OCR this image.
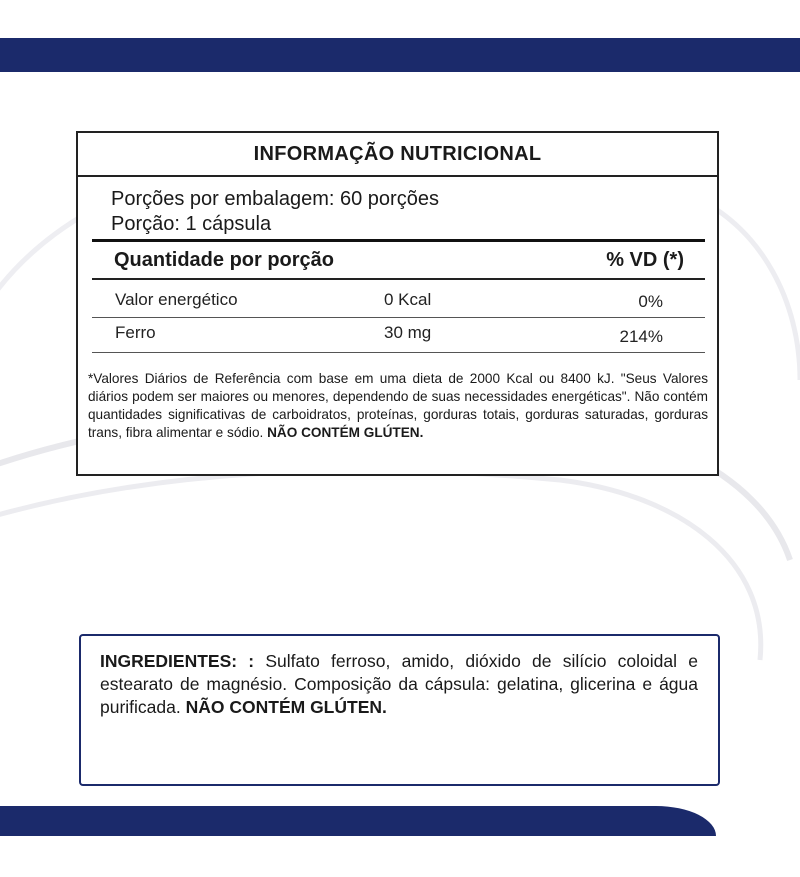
INFORMAÇÃO NUTRICIONAL
Porções por embalagem: 60 porções
Porção: 1 cápsula
Quantidade por porção	% VD (*)
Valor energético	0 Kcal	0%
Ferro	30 mg	214%
*Valores Diários de Referência com base em uma dieta de 2000 Kcal ou 8400 kJ. "Seus Valores diários podem ser maiores ou menores, dependendo de suas necessidades energéticas". Não contém quantidades significativas de carboidratos, proteínas, gorduras totais, gorduras saturadas, gorduras trans, fibra alimentar e sódio. NÃO CONTÉM GLÚTEN.
INGREDIENTES: : Sulfato ferroso, amido, dióxido de silício coloidal e estearato de magnésio. Composição da cápsula: gelatina, glicerina e água purificada. NÃO CONTÉM GLÚTEN.
